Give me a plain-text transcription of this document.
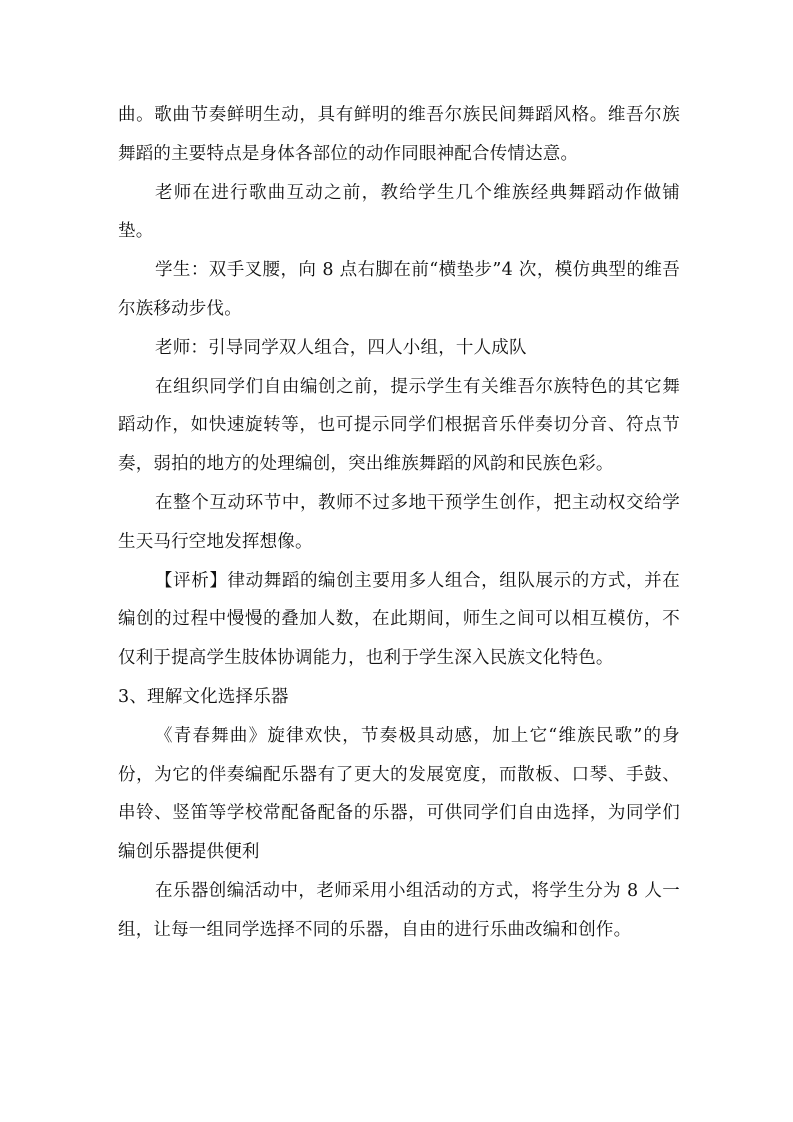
曲。歌曲节奏鲜明生动，具有鲜明的维吾尔族民间舞蹈风格。维吾尔族舞蹈的主要特点是身体各部位的动作同眼神配合传情达意。

老师在进行歌曲互动之前，教给学生几个维族经典舞蹈动作做铺垫。

学生：双手叉腰，向 8 点右脚在前“横垫步”4 次，模仿典型的维吾尔族移动步伐。

老师：引导同学双人组合，四人小组，十人成队

在组织同学们自由编创之前，提示学生有关维吾尔族特色的其它舞蹈动作，如快速旋转等，也可提示同学们根据音乐伴奏切分音、符点节奏，弱拍的地方的处理编创，突出维族舞蹈的风韵和民族色彩。

在整个互动环节中，教师不过多地干预学生创作，把主动权交给学生天马行空地发挥想像。

【评析】律动舞蹈的编创主要用多人组合，组队展示的方式，并在编创的过程中慢慢的叠加人数，在此期间，师生之间可以相互模仿，不仅利于提高学生肢体协调能力，也利于学生深入民族文化特色。

3、理解文化选择乐器

《青春舞曲》旋律欢快，节奏极具动感，加上它“维族民歌”的身份，为它的伴奏编配乐器有了更大的发展宽度，而散板、口琴、手鼓、串铃、竖笛等学校常配备配备的乐器，可供同学们自由选择，为同学们编创乐器提供便利

在乐器创编活动中，老师采用小组活动的方式，将学生分为 8 人一组，让每一组同学选择不同的乐器，自由的进行乐曲改编和创作。
